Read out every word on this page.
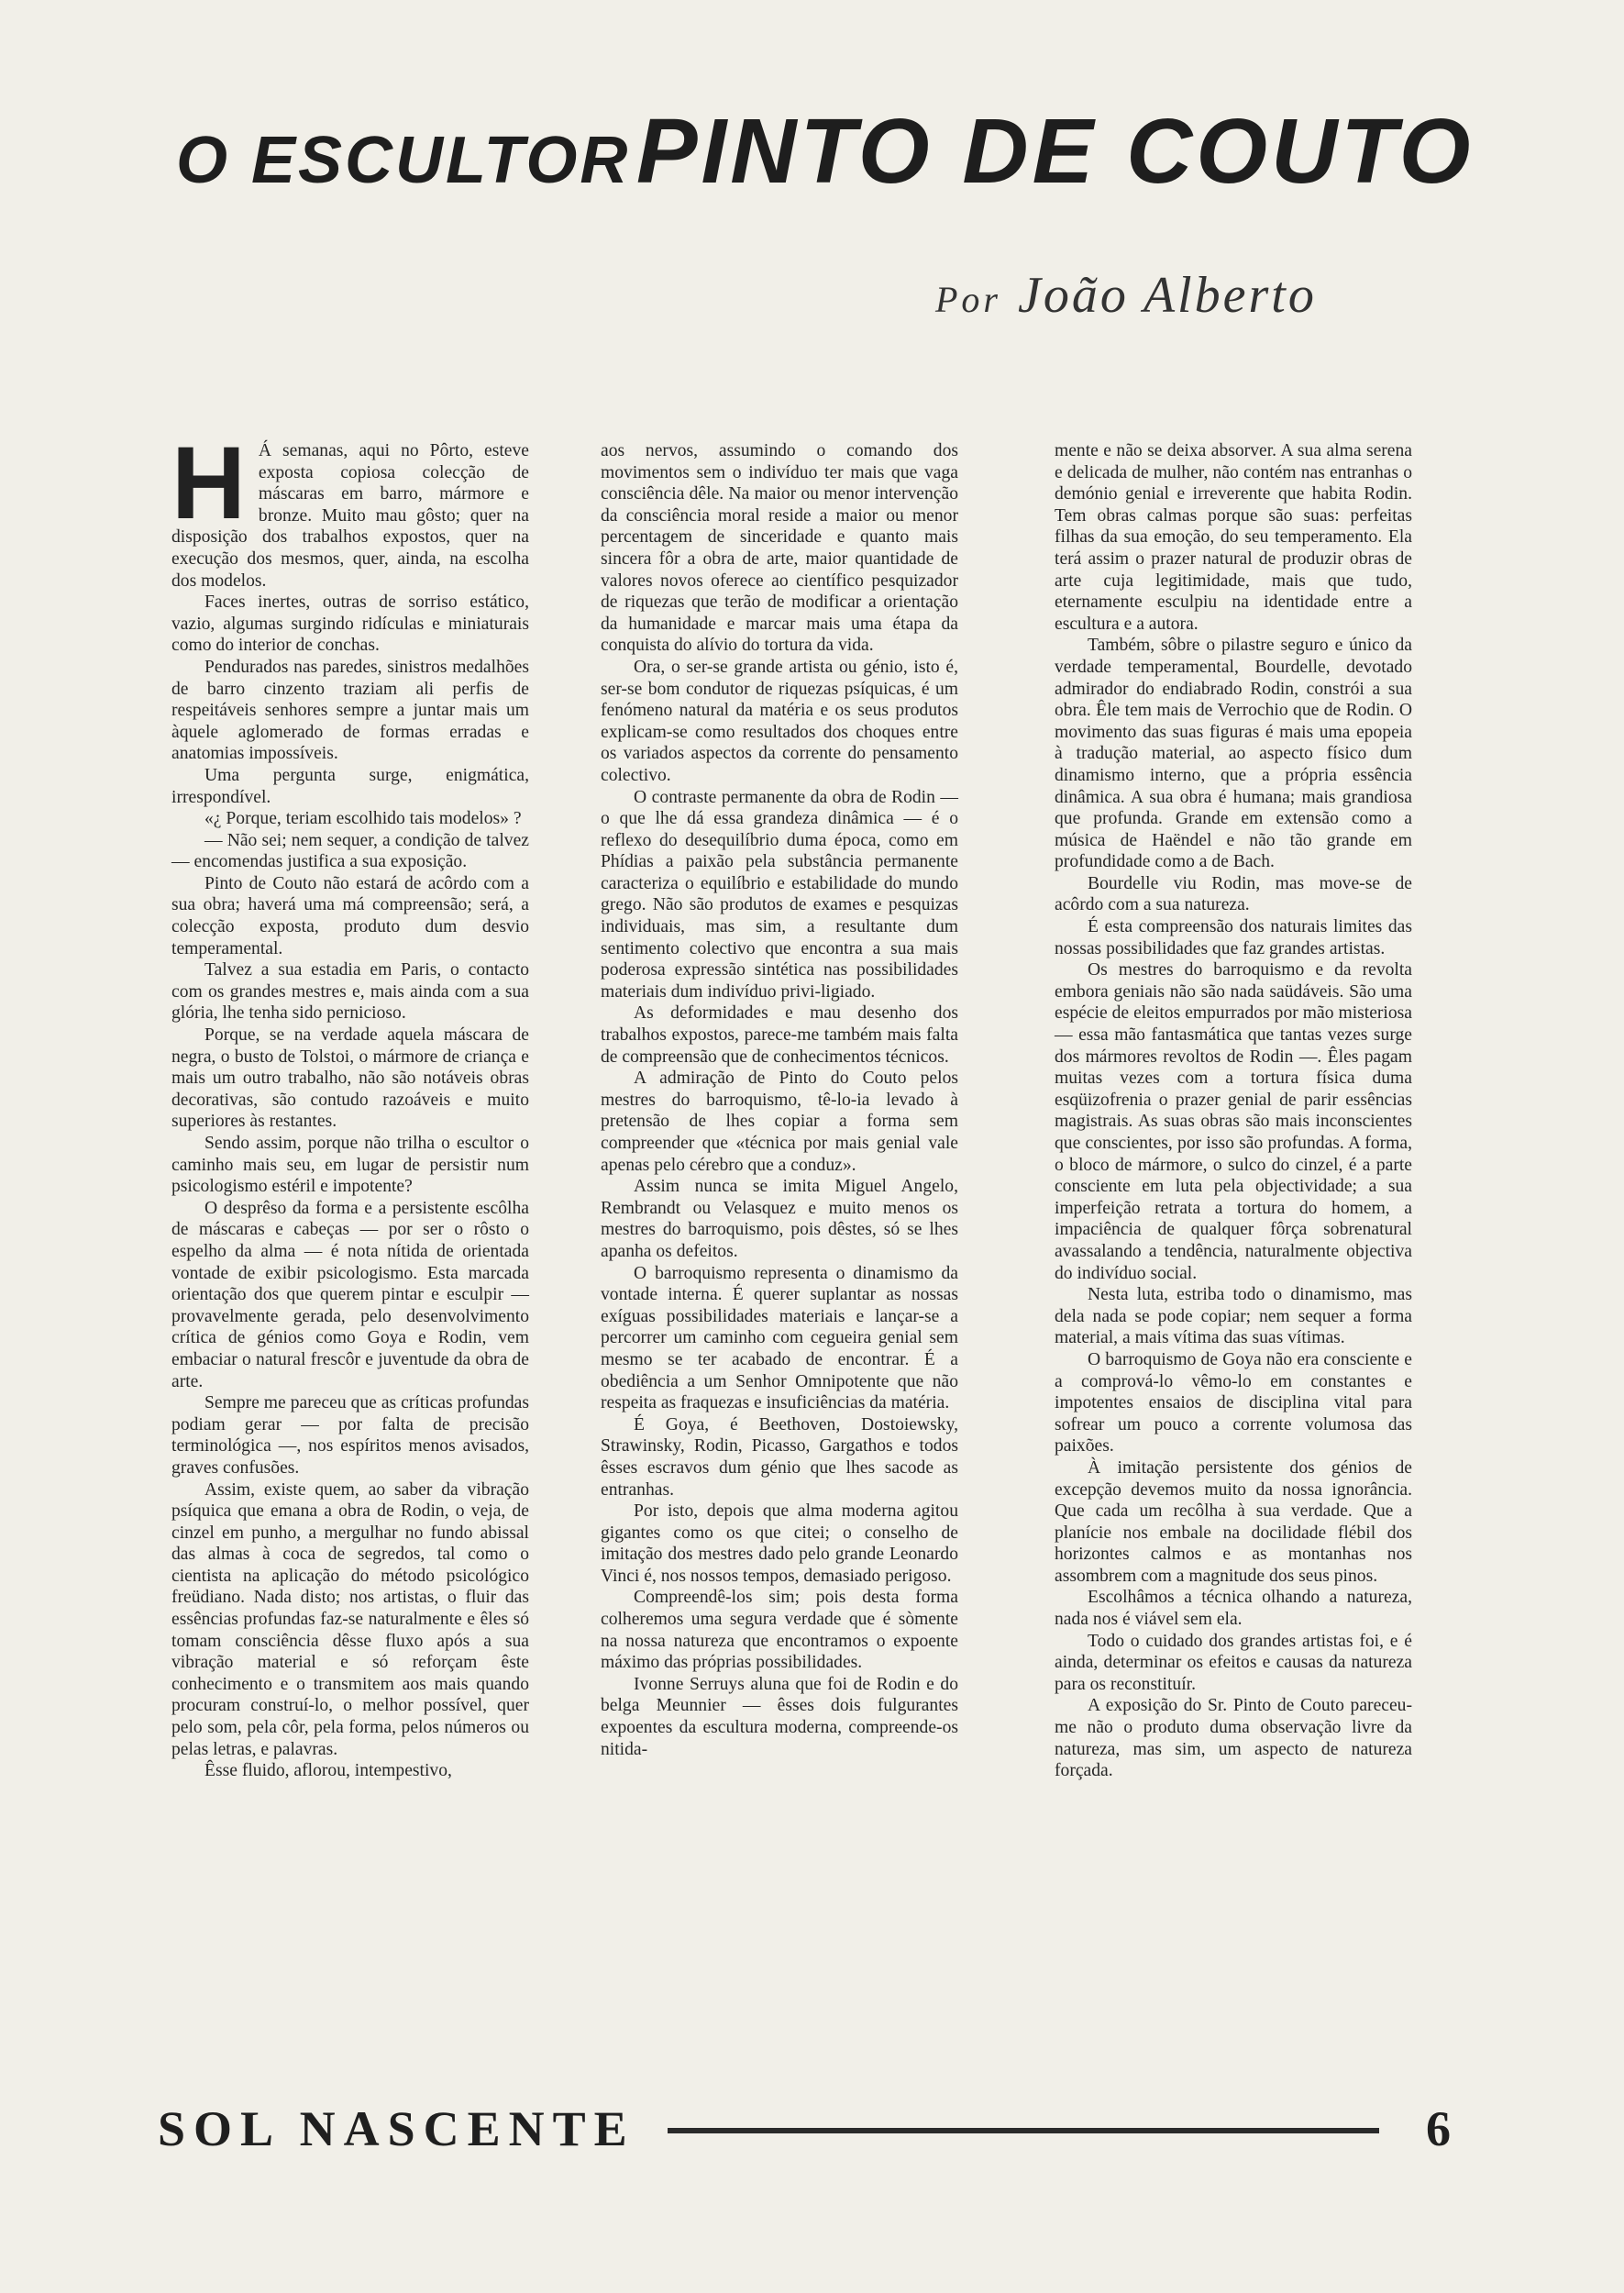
O ESCULTOR PINTO DE COUTO
Por João Alberto

H Á semanas, aqui no Pôrto, esteve exposta copiosa colecção de máscaras em barro, mármore e bronze. Muito mau gôsto; quer na disposição dos trabalhos expostos, quer na execução dos mesmos, quer, ainda, na escolha dos modelos.

Faces inertes, outras de sorriso estático, vazio, algumas surgindo ridículas e miniaturais como do interior de conchas.

Pendurados nas paredes, sinistros medalhões de barro cinzento traziam ali perfis de respeitáveis senhores sempre a juntar mais um àquele aglomerado de formas erradas e anatomias impossíveis.

Uma pergunta surge, enigmática, irrespondível.

«¿ Porque, teriam escolhido tais modelos» ?

— Não sei; nem sequer, a condição de talvez — encomendas justifica a sua exposição.

Pinto de Couto não estará de acôrdo com a sua obra; haverá uma má compreensão; será, a colecção exposta, produto dum desvio temperamental.

Talvez a sua estadia em Paris, o contacto com os grandes mestres e, mais ainda com a sua glória, lhe tenha sido pernicioso.

Porque, se na verdade aquela máscara de negra, o busto de Tolstoi, o mármore de criança e mais um outro trabalho, não são notáveis obras decorativas, são contudo razoáveis e muito superiores às restantes.

Sendo assim, porque não trilha o escultor o caminho mais seu, em lugar de persistir num psicologismo estéril e impotente?

O desprêso da forma e a persistente escôlha de máscaras e cabeças — por ser o rôsto o espelho da alma — é nota nítida de orientada vontade de exibir psicologismo. Esta marcada orientação dos que querem pintar e esculpir — provavelmente gerada, pelo desenvolvimento crítica de génios como Goya e Rodin, vem embaciar o natural frescôr e juventude da obra de arte.

Sempre me pareceu que as críticas profundas podiam gerar — por falta de precisão terminológica —, nos espíritos menos avisados, graves confusões.

Assim, existe quem, ao saber da vibração psíquica que emana a obra de Rodin, o veja, de cinzel em punho, a mergulhar no fundo abissal das almas à coca de segredos, tal como o cientista na aplicação do método psicológico freüdiano. Nada disto; nos artistas, o fluir das essências profundas faz-se naturalmente e êles só tomam consciência dêsse fluxo após a sua vibração material e só reforçam êste conhecimento e o transmitem aos mais quando procuram construí-lo, o melhor possível, quer pelo som, pela côr, pela forma, pelos números ou pelas letras, e palavras.

Êsse fluido, aflorou, intempestivo,

aos nervos, assumindo o comando dos movimentos sem o indivíduo ter mais que vaga consciência dêle. Na maior ou menor intervenção da consciência moral reside a maior ou menor percentagem de sinceridade e quanto mais sincera fôr a obra de arte, maior quantidade de valores novos oferece ao científico pesquizador de riquezas que terão de modificar a orientação da humanidade e marcar mais uma étapa da conquista do alívio do tortura da vida.

Ora, o ser-se grande artista ou génio, isto é, ser-se bom condutor de riquezas psíquicas, é um fenómeno natural da matéria e os seus produtos explicam-se como resultados dos choques entre os variados aspectos da corrente do pensamento colectivo.

O contraste permanente da obra de Rodin — o que lhe dá essa grandeza dinâmica — é o reflexo do desequilíbrio duma época, como em Phídias a paixão pela substância permanente caracteriza o equilíbrio e estabilidade do mundo grego. Não são produtos de exames e pesquizas individuais, mas sim, a resultante dum sentimento colectivo que encontra a sua mais poderosa expressão sintética nas possibilidades materiais dum indivíduo privi-ligiado.

As deformidades e mau desenho dos trabalhos expostos, parece-me também mais falta de compreensão que de conhecimentos técnicos.

A admiração de Pinto do Couto pelos mestres do barroquismo, tê-lo-ia levado à pretensão de lhes copiar a forma sem compreender que «técnica por mais genial vale apenas pelo cérebro que a conduz».

Assim nunca se imita Miguel Angelo, Rembrandt ou Velasquez e muito menos os mestres do barroquismo, pois dêstes, só se lhes apanha os defeitos.

O barroquismo representa o dinamismo da vontade interna. É querer suplantar as nossas exíguas possibilidades materiais e lançar-se a percorrer um caminho com cegueira genial sem mesmo se ter acabado de encontrar. É a obediência a um Senhor Omnipotente que não respeita as fraquezas e insuficiências da matéria.

É Goya, é Beethoven, Dostoiewsky, Strawinsky, Rodin, Picasso, Gargathos e todos êsses escravos dum génio que lhes sacode as entranhas.

Por isto, depois que alma moderna agitou gigantes como os que citei; o conselho de imitação dos mestres dado pelo grande Leonardo Vinci é, nos nossos tempos, demasiado perigoso.

Compreendê-los sim; pois desta forma colheremos uma segura verdade que é sòmente na nossa natureza que encontramos o expoente máximo das próprias possibilidades.

Ivonne Serruys aluna que foi de Rodin e do belga Meunnier — êsses dois fulgurantes expoentes da escultura moderna, compreende-os nitida-

mente e não se deixa absorver. A sua alma serena e delicada de mulher, não contém nas entranhas o demónio genial e irreverente que habita Rodin. Tem obras calmas porque são suas: perfeitas filhas da sua emoção, do seu temperamento. Ela terá assim o prazer natural de produzir obras de arte cuja legitimidade, mais que tudo, eternamente esculpiu na identidade entre a escultura e a autora.

Também, sôbre o pilastre seguro e único da verdade temperamental, Bourdelle, devotado admirador do endiabrado Rodin, constrói a sua obra. Êle tem mais de Verrochio que de Rodin. O movimento das suas figuras é mais uma epopeia à tradução material, ao aspecto físico dum dinamismo interno, que a própria essência dinâmica. A sua obra é humana; mais grandiosa que profunda. Grande em extensão como a música de Haëndel e não tão grande em profundidade como a de Bach.

Bourdelle viu Rodin, mas move-se de acôrdo com a sua natureza.

É esta compreensão dos naturais limites das nossas possibilidades que faz grandes artistas.

Os mestres do barroquismo e da revolta embora geniais não são nada saüdáveis. São uma espécie de eleitos empurrados por mão misteriosa — essa mão fantasmática que tantas vezes surge dos mármores revoltos de Rodin —. Êles pagam muitas vezes com a tortura física duma esqüizofrenia o prazer genial de parir essências magistrais. As suas obras são mais inconscientes que conscientes, por isso são profundas. A forma, o bloco de mármore, o sulco do cinzel, é a parte consciente em luta pela objectividade; a sua imperfeição retrata a tortura do homem, a impaciência de qualquer fôrça sobrenatural avassalando a tendência, naturalmente objectiva do indivíduo social.

Nesta luta, estriba todo o dinamismo, mas dela nada se pode copiar; nem sequer a forma material, a mais vítima das suas vítimas.

O barroquismo de Goya não era consciente e a comprová-lo vêmo-lo em constantes e impotentes ensaios de disciplina vital para sofrear um pouco a corrente volumosa das paixões.

À imitação persistente dos génios de excepção devemos muito da nossa ignorância. Que cada um recôlha à sua verdade. Que a planície nos embale na docilidade flébil dos horizontes calmos e as montanhas nos assombrem com a magnitude dos seus pinos.

Escolhâmos a técnica olhando a natureza, nada nos é viável sem ela.

Todo o cuidado dos grandes artistas foi, e é ainda, determinar os efeitos e causas da natureza para os reconstituír.

A exposição do Sr. Pinto de Couto pareceu-me não o produto duma observação livre da natureza, mas sim, um aspecto de natureza forçada.

SOL NASCENTE	6
